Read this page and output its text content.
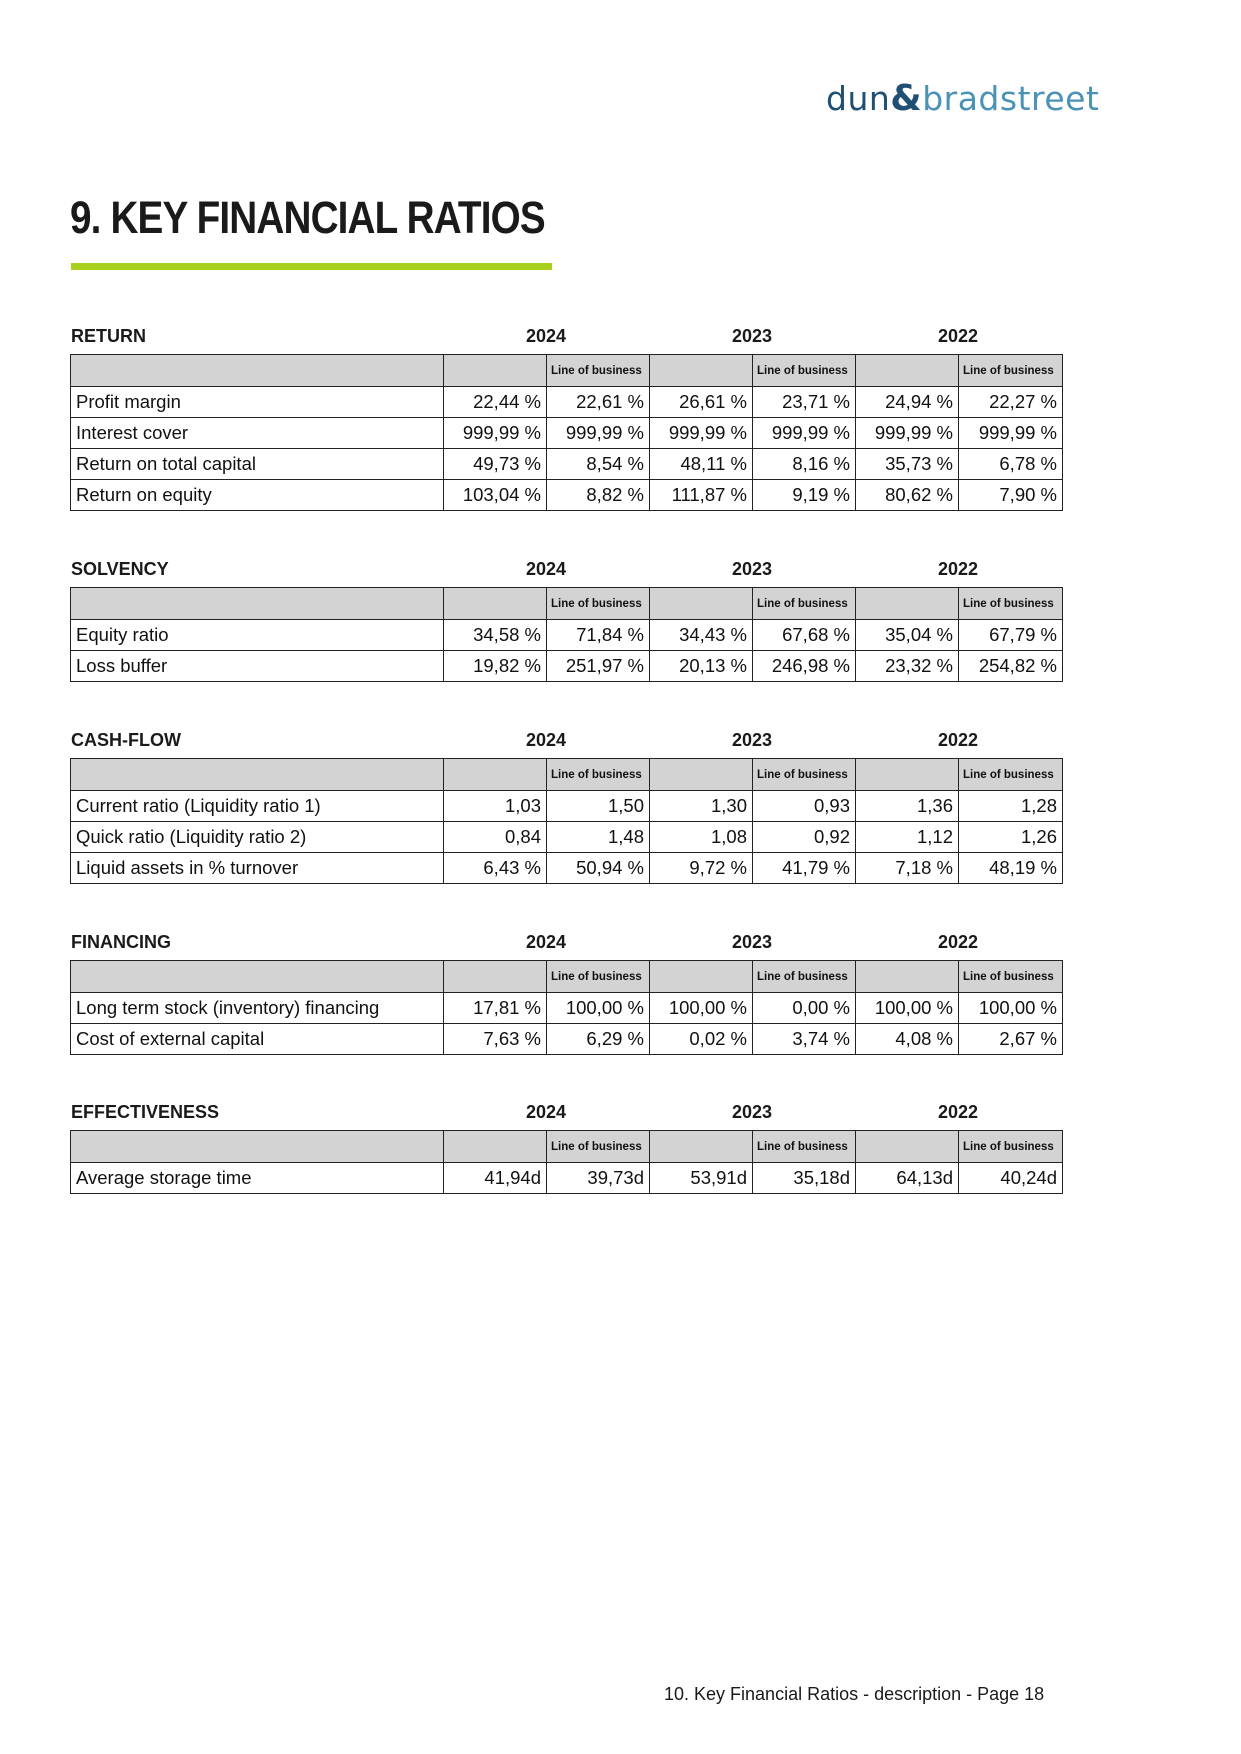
dun&bradstreet
9. KEY FINANCIAL RATIOS
RETURN	2024	2023	2022
		Line of business		Line of business		Line of business
Profit margin	22,44 %	22,61 %	26,61 %	23,71 %	24,94 %	22,27 %
Interest cover	999,99 %	999,99 %	999,99 %	999,99 %	999,99 %	999,99 %
Return on total capital	49,73 %	8,54 %	48,11 %	8,16 %	35,73 %	6,78 %
Return on equity	103,04 %	8,82 %	111,87 %	9,19 %	80,62 %	7,90 %
SOLVENCY	2024	2023	2022
		Line of business		Line of business		Line of business
Equity ratio	34,58 %	71,84 %	34,43 %	67,68 %	35,04 %	67,79 %
Loss buffer	19,82 %	251,97 %	20,13 %	246,98 %	23,32 %	254,82 %
CASH-FLOW	2024	2023	2022
		Line of business		Line of business		Line of business
Current ratio (Liquidity ratio 1)	1,03	1,50	1,30	0,93	1,36	1,28
Quick ratio (Liquidity ratio 2)	0,84	1,48	1,08	0,92	1,12	1,26
Liquid assets in % turnover	6,43 %	50,94 %	9,72 %	41,79 %	7,18 %	48,19 %
FINANCING	2024	2023	2022
		Line of business		Line of business		Line of business
Long term stock (inventory) financing	17,81 %	100,00 %	100,00 %	0,00 %	100,00 %	100,00 %
Cost of external capital	7,63 %	6,29 %	0,02 %	3,74 %	4,08 %	2,67 %
EFFECTIVENESS	2024	2023	2022
		Line of business		Line of business		Line of business
Average storage time	41,94d	39,73d	53,91d	35,18d	64,13d	40,24d
10. Key Financial Ratios - description - Page 18
